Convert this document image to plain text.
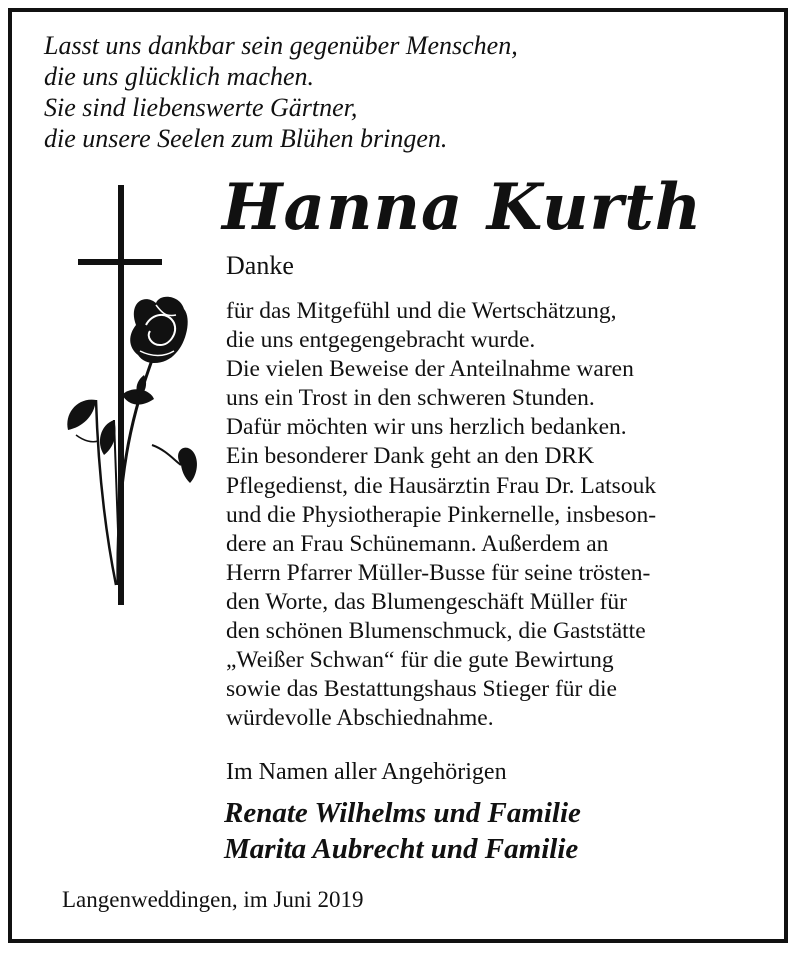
Lasst uns dankbar sein gegenüber Menschen,
die uns glücklich machen.
Sie sind liebenswerte Gärtner,
die unsere Seelen zum Blühen bringen.
Hanna Kurth
Danke
für das Mitgefühl und die Wertschätzung,
die uns entgegengebracht wurde.
Die vielen Beweise der Anteilnahme waren
uns ein Trost in den schweren Stunden.
Dafür möchten wir uns herzlich bedanken.
Ein besonderer Dank geht an den DRK
Pflegedienst, die Hausärztin Frau Dr. Latsouk
und die Physiotherapie Pinkernelle, insbeson-
dere an Frau Schünemann. Außerdem an
Herrn Pfarrer Müller-Busse für seine trösten-
den Worte, das Blumengeschäft Müller für
den schönen Blumenschmuck, die Gaststätte
„Weißer Schwan“ für die gute Bewirtung
sowie das Bestattungshaus Stieger für die
würdevolle Abschiednahme.
Im Namen aller Angehörigen
Renate Wilhelms und Familie
Marita Aubrecht und Familie
Langenweddingen, im Juni 2019
